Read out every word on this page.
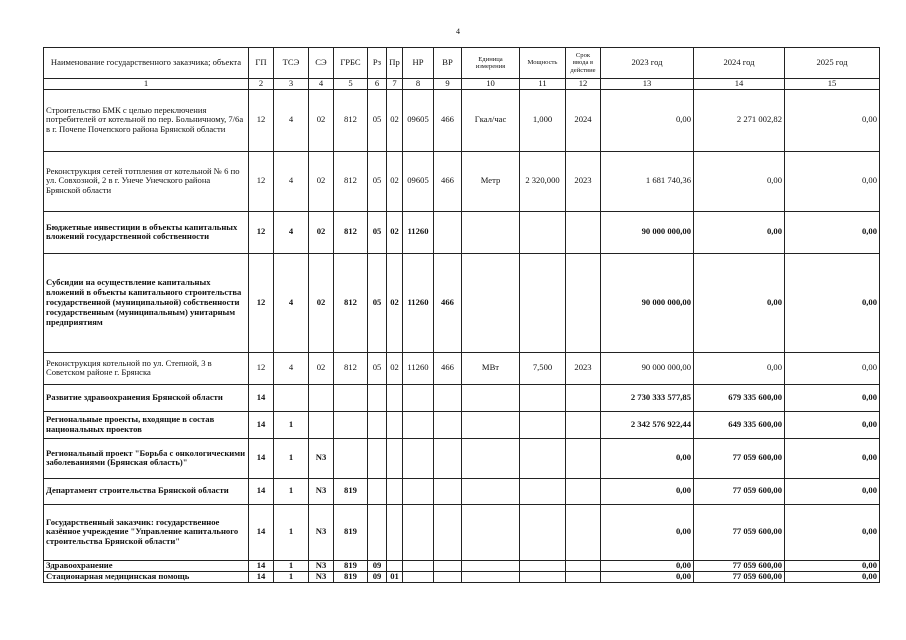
4
Наименование государственного заказчика; объекта	ГП	ТСЭ	СЭ	ГРБС	Рз	Пр	НР	ВР	Единица измерения	Мощность	Срок ввода в действие	2023 год	2024 год	2025 год
1	2	3	4	5	6	7	8	9	10	11	12	13	14	15
Строительство БМК с целью переключения потребителей от котельной по пер. Больничному, 7/6а в г. Почепе Почепского района Брянской области	12	4	02	812	05	02	09605	466	Гкал/час	1,000	2024	0,00	2 271 002,82	0,00
Реконструкция сетей тотпления от котельной № 6 по ул. Совхозной, 2 в г. Унече Унечского района Брянской области	12	4	02	812	05	02	09605	466	Метр	2 320,000	2023	1 681 740,36	0,00	0,00
Бюджетные инвестиции в объекты капитальных вложений государственной собственности	12	4	02	812	05	02	11260					90 000 000,00	0,00	0,00
Субсидии на осуществление капитальных вложений в объекты капитального строительства государственной (муниципальной) собственности государственным (муниципальным) унитарным предприятиям	12	4	02	812	05	02	11260	466				90 000 000,00	0,00	0,00
Реконструкция котельной по ул. Степной, 3 в Советском районе г. Брянска	12	4	02	812	05	02	11260	466	МВт	7,500	2023	90 000 000,00	0,00	0,00
Развитие здравоохранения Брянской области	14											2 730 333 577,85	679 335 600,00	0,00
Региональные проекты, входящие в состав национальных проектов	14	1										2 342 576 922,44	649 335 600,00	0,00
Региональный проект "Борьба с онкологическими заболеваниями (Брянская область)"	14	1	N3									0,00	77 059 600,00	0,00
Департамент строительства Брянской области	14	1	N3	819								0,00	77 059 600,00	0,00
Государственный заказчик: государственное казённое учреждение "Управление капитального строительства Брянской области"	14	1	N3	819								0,00	77 059 600,00	0,00
Здравоохранение	14	1	N3	819	09							0,00	77 059 600,00	0,00
Стационарная медицинская помощь	14	1	N3	819	09	01						0,00	77 059 600,00	0,00
